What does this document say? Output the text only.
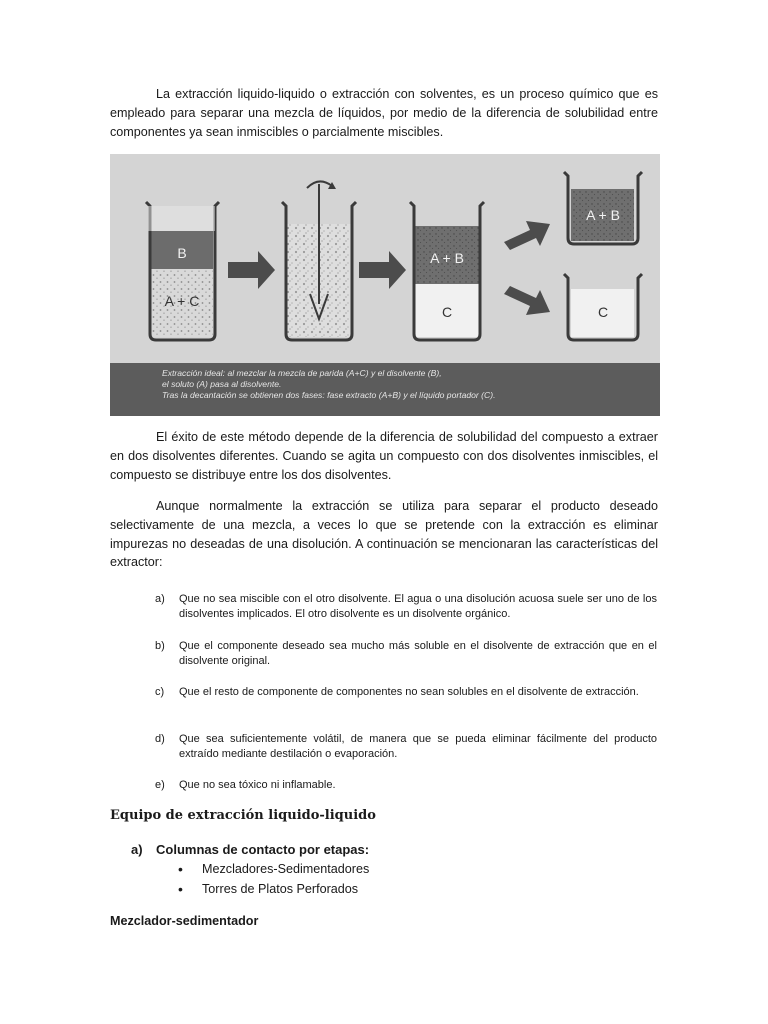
La extracción liquido-liquido o extracción con solventes, es un proceso químico que es empleado para separar una mezcla de líquidos, por medio de la diferencia de solubilidad entre componentes ya sean inmiscibles o parcialmente miscibles.

B
A + C
A + B
C
A + B
C
Extracción ideal: al mezclar la mezcla de parida (A+C) y el disolvente (B),
el soluto (A) pasa al disolvente.
Tras la decantación se obtienen dos fases: fase extracto (A+B) y el líquido portador (C).

El éxito de este método depende de la diferencia de solubilidad del compuesto a extraer en dos disolventes diferentes. Cuando se agita un compuesto con dos disolventes inmiscibles, el compuesto se distribuye entre los dos disolventes.

Aunque normalmente la extracción se utiliza para separar el producto deseado selectivamente de una mezcla, a veces lo que se pretende con la extracción es eliminar impurezas no deseadas de una disolución. A continuación se mencionaran las características del extractor:

a) Que no sea miscible con el otro disolvente. El agua o una disolución acuosa suele ser uno de los disolventes implicados. El otro disolvente es un disolvente orgánico.
b) Que el componente deseado sea mucho más soluble en el disolvente de extracción que en el disolvente original.
c) Que el resto de componente de componentes no sean solubles en el disolvente de extracción.
d) Que sea suficientemente volátil, de manera que se pueda eliminar fácilmente del producto extraído mediante destilación o evaporación.
e) Que no sea tóxico ni inflamable.
Equipo de extracción liquido-liquido
a) Columnas de contacto por etapas:
• Mezcladores-Sedimentadores
• Torres de Platos Perforados
Mezclador-sedimentador
